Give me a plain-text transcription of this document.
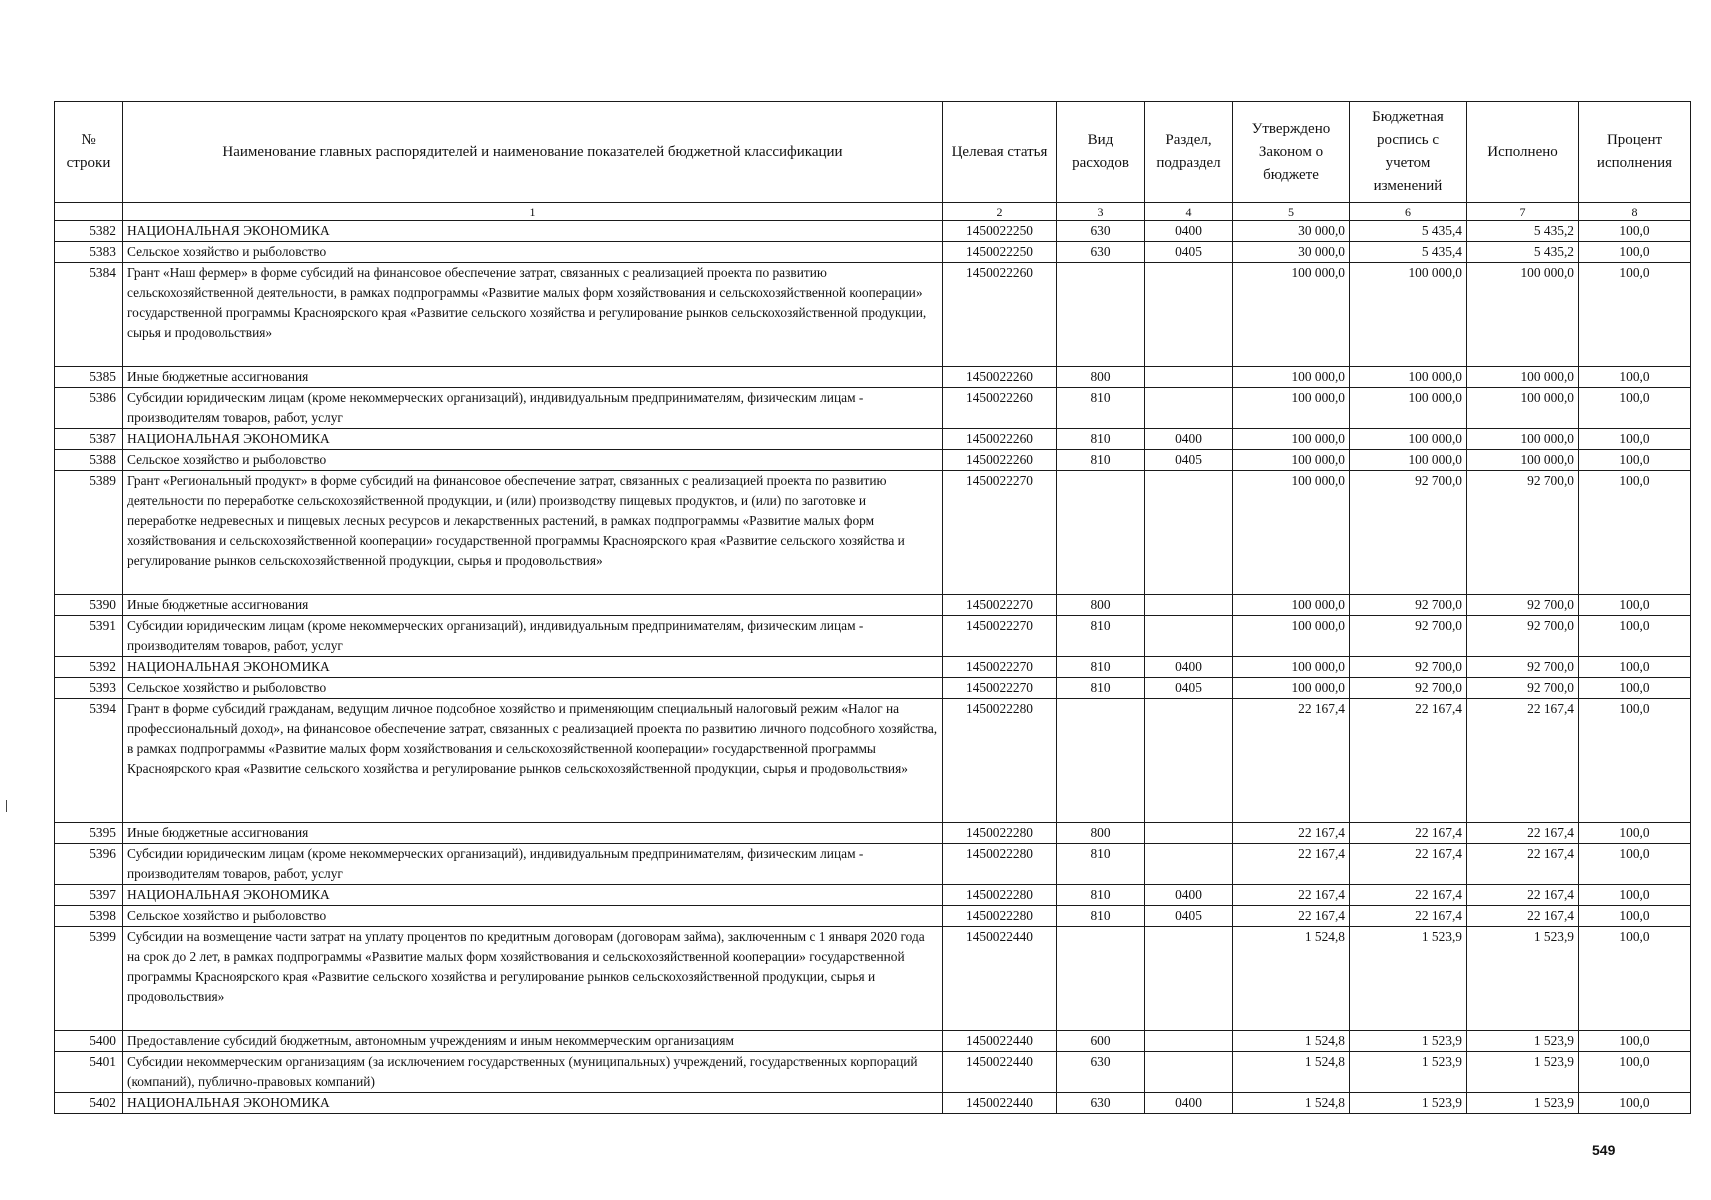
№ строки	Наименование главных распорядителей и наименование показателей бюджетной классификации	Целевая статья	Вид расходов	Раздел, подраздел	Утверждено Законом о бюджете	Бюджетная роспись с учетом изменений	Исполнено	Процент исполнения
	1	2	3	4	5	6	7	8
5382	НАЦИОНАЛЬНАЯ ЭКОНОМИКА	1450022250	630	0400	30 000,0	5 435,4	5 435,2	100,0
5383	Сельское хозяйство и рыболовство	1450022250	630	0405	30 000,0	5 435,4	5 435,2	100,0
5384	Грант «Наш фермер» в форме субсидий на финансовое обеспечение затрат, связанных с реализацией проекта по развитию сельскохозяйственной деятельности, в рамках подпрограммы «Развитие малых форм хозяйствования и сельскохозяйственной кооперации» государственной программы Красноярского края «Развитие сельского хозяйства и регулирование рынков сельскохозяйственной продукции, сырья и продовольствия»	1450022260			100 000,0	100 000,0	100 000,0	100,0
5385	Иные бюджетные ассигнования	1450022260	800		100 000,0	100 000,0	100 000,0	100,0
5386	Субсидии юридическим лицам (кроме некоммерческих организаций), индивидуальным предпринимателям, физическим лицам - производителям товаров, работ, услуг	1450022260	810		100 000,0	100 000,0	100 000,0	100,0
5387	НАЦИОНАЛЬНАЯ ЭКОНОМИКА	1450022260	810	0400	100 000,0	100 000,0	100 000,0	100,0
5388	Сельское хозяйство и рыболовство	1450022260	810	0405	100 000,0	100 000,0	100 000,0	100,0
5389	Грант «Региональный продукт» в форме субсидий на финансовое обеспечение затрат, связанных с реализацией проекта по развитию деятельности по переработке сельскохозяйственной продукции, и (или) производству пищевых продуктов, и (или) по заготовке и переработке недревесных и пищевых лесных ресурсов и лекарственных растений, в рамках подпрограммы «Развитие малых форм хозяйствования и сельскохозяйственной кооперации» государственной программы Красноярского края «Развитие сельского хозяйства и регулирование рынков сельскохозяйственной продукции, сырья и продовольствия»	1450022270			100 000,0	92 700,0	92 700,0	100,0
5390	Иные бюджетные ассигнования	1450022270	800		100 000,0	92 700,0	92 700,0	100,0
5391	Субсидии юридическим лицам (кроме некоммерческих организаций), индивидуальным предпринимателям, физическим лицам - производителям товаров, работ, услуг	1450022270	810		100 000,0	92 700,0	92 700,0	100,0
5392	НАЦИОНАЛЬНАЯ ЭКОНОМИКА	1450022270	810	0400	100 000,0	92 700,0	92 700,0	100,0
5393	Сельское хозяйство и рыболовство	1450022270	810	0405	100 000,0	92 700,0	92 700,0	100,0
5394	Грант в форме субсидий гражданам, ведущим личное подсобное хозяйство и применяющим специальный налоговый режим «Налог на профессиональный доход», на финансовое обеспечение затрат, связанных с реализацией проекта по развитию личного подсобного хозяйства, в рамках подпрограммы «Развитие малых форм хозяйствования и сельскохозяйственной кооперации» государственной программы Красноярского края «Развитие сельского хозяйства и регулирование рынков сельскохозяйственной продукции, сырья и продовольствия»	1450022280			22 167,4	22 167,4	22 167,4	100,0
5395	Иные бюджетные ассигнования	1450022280	800		22 167,4	22 167,4	22 167,4	100,0
5396	Субсидии юридическим лицам (кроме некоммерческих организаций), индивидуальным предпринимателям, физическим лицам - производителям товаров, работ, услуг	1450022280	810		22 167,4	22 167,4	22 167,4	100,0
5397	НАЦИОНАЛЬНАЯ ЭКОНОМИКА	1450022280	810	0400	22 167,4	22 167,4	22 167,4	100,0
5398	Сельское хозяйство и рыболовство	1450022280	810	0405	22 167,4	22 167,4	22 167,4	100,0
5399	Субсидии на возмещение части затрат на уплату процентов по кредитным договорам (договорам займа), заключенным с 1 января 2020 года на срок до 2 лет, в рамках подпрограммы «Развитие малых форм хозяйствования и сельскохозяйственной кооперации» государственной программы Красноярского края «Развитие сельского хозяйства и регулирование рынков сельскохозяйственной продукции, сырья и продовольствия»	1450022440			1 524,8	1 523,9	1 523,9	100,0
5400	Предоставление субсидий бюджетным, автономным учреждениям и иным некоммерческим организациям	1450022440	600		1 524,8	1 523,9	1 523,9	100,0
5401	Субсидии некоммерческим организациям (за исключением государственных (муниципальных) учреждений, государственных корпораций (компаний), публично-правовых компаний)	1450022440	630		1 524,8	1 523,9	1 523,9	100,0
5402	НАЦИОНАЛЬНАЯ ЭКОНОМИКА	1450022440	630	0400	1 524,8	1 523,9	1 523,9	100,0
549
